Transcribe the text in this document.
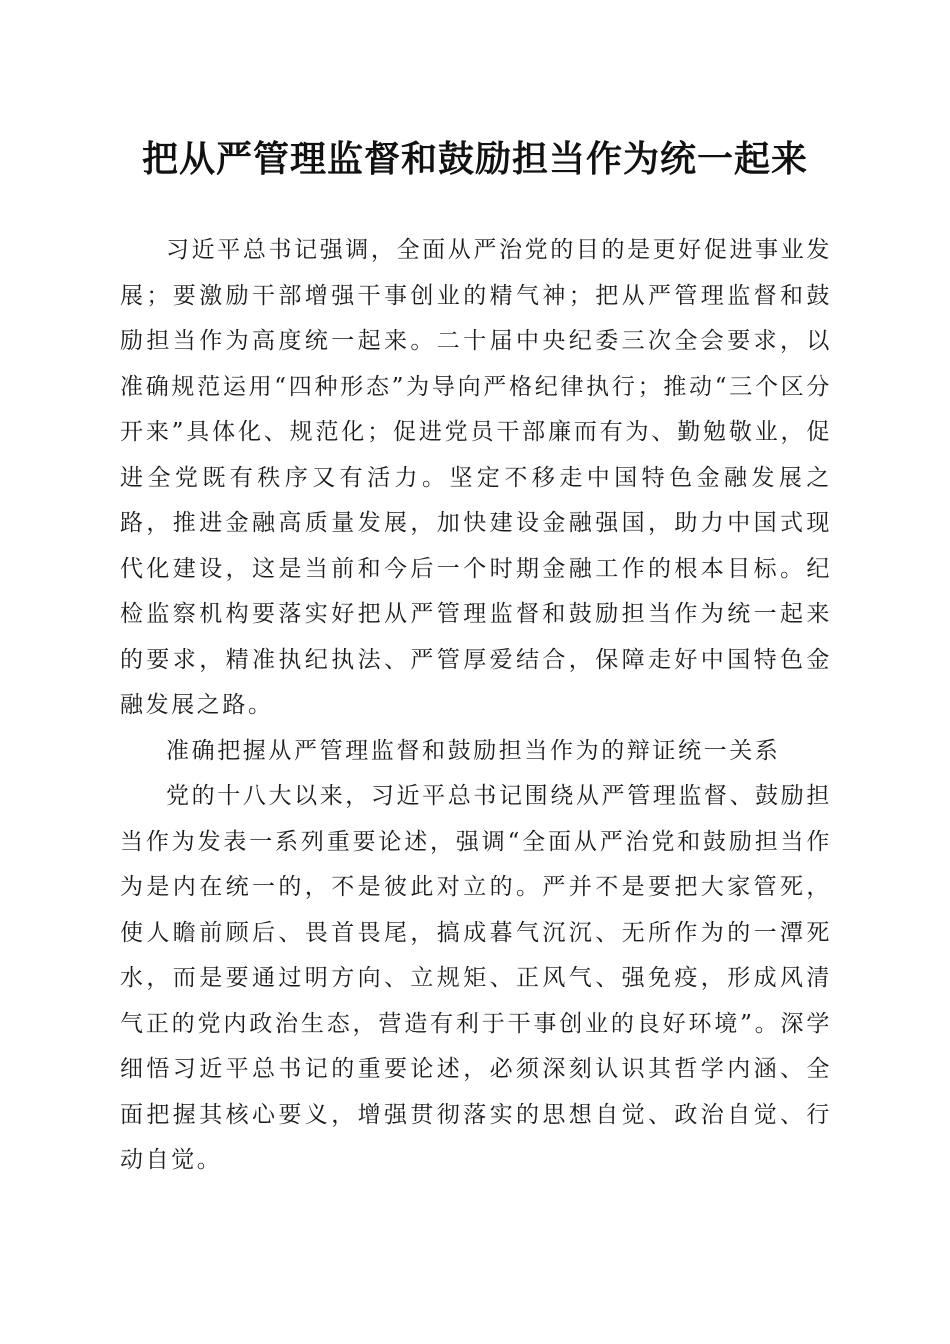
把从严管理监督和鼓励担当作为统一起来

习近平总书记强调，全面从严治党的目的是更好促进事业发展；要激励干部增强干事创业的精气神；把从严管理监督和鼓励担当作为高度统一起来。二十届中央纪委三次全会要求，以准确规范运用“四种形态”为导向严格纪律执行；推动“三个区分开来”具体化、规范化；促进党员干部廉而有为、勤勉敬业，促进全党既有秩序又有活力。坚定不移走中国特色金融发展之路，推进金融高质量发展，加快建设金融强国，助力中国式现代化建设，这是当前和今后一个时期金融工作的根本目标。纪检监察机构要落实好把从严管理监督和鼓励担当作为统一起来的要求，精准执纪执法、严管厚爱结合，保障走好中国特色金融发展之路。

准确把握从严管理监督和鼓励担当作为的辩证统一关系

党的十八大以来，习近平总书记围绕从严管理监督、鼓励担当作为发表一系列重要论述，强调“全面从严治党和鼓励担当作为是内在统一的，不是彼此对立的。严并不是要把大家管死，使人瞻前顾后、畏首畏尾，搞成暮气沉沉、无所作为的一潭死水，而是要通过明方向、立规矩、正风气、强免疫，形成风清气正的党内政治生态，营造有利于干事创业的良好环境”。深学细悟习近平总书记的重要论述，必须深刻认识其哲学内涵、全面把握其核心要义，增强贯彻落实的思想自觉、政治自觉、行动自觉。
